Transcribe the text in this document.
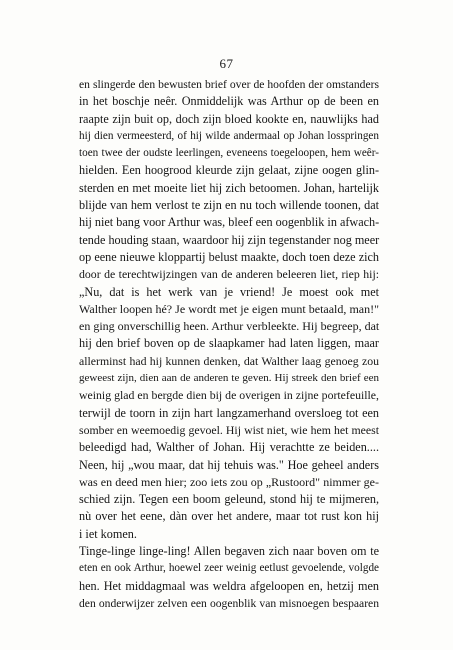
67
en slingerde den bewusten brief over de hoofden der omstanders
in het boschje neêr. Onmiddelijk was Arthur op de been en
raapte zijn buit op, doch zijn bloed kookte en, nauwlijks had
hij dien vermeesterd, of hij wilde andermaal op Johan losspringen
toen twee der oudste leerlingen, eveneens toegeloopen, hem weêr-
hielden. Een hoogrood kleurde zijn gelaat, zijne oogen glin-
sterden en met moeite liet hij zich betoomen. Johan, hartelijk
blijde van hem verlost te zijn en nu toch willende toonen, dat
hij niet bang voor Arthur was, bleef een oogenblik in afwach-
tende houding staan, waardoor hij zijn tegenstander nog meer
op eene nieuwe kloppartij belust maakte, doch toen deze zich
door de terechtwijzingen van de anderen beleeren liet, riep hij:
„Nu, dat is het werk van je vriend! Je moest ook met
Walther loopen hé? Je wordt met je eigen munt betaald, man!"
en ging onverschillig heen. Arthur verbleekte. Hij begreep, dat
hij den brief boven op de slaapkamer had laten liggen, maar
allerminst had hij kunnen denken, dat Walther laag genoeg zou
geweest zijn, dien aan de anderen te geven. Hij streek den brief een
weinig glad en bergde dien bij de overigen in zijne portefeuille,
terwijl de toorn in zijn hart langzamerhand oversloeg tot een
somber en weemoedig gevoel. Hij wist niet, wie hem het meest
beleedigd had, Walther of Johan. Hij verachtte ze beiden....
Neen, hij „wou maar, dat hij tehuis was." Hoe geheel anders
was en deed men hier; zoo iets zou op „Rustoord" nimmer ge-
schied zijn. Tegen een boom geleund, stond hij te mijmeren,
nù over het eene, dàn over het andere, maar tot rust kon hij
i iet komen.
Tinge-linge linge-ling! Allen begaven zich naar boven om te
eten en ook Arthur, hoewel zeer weinig eetlust gevoelende, volgde
hen. Het middagmaal was weldra afgeloopen en, hetzij men
den onderwijzer zelven een oogenblik van misnoegen bespaaren
